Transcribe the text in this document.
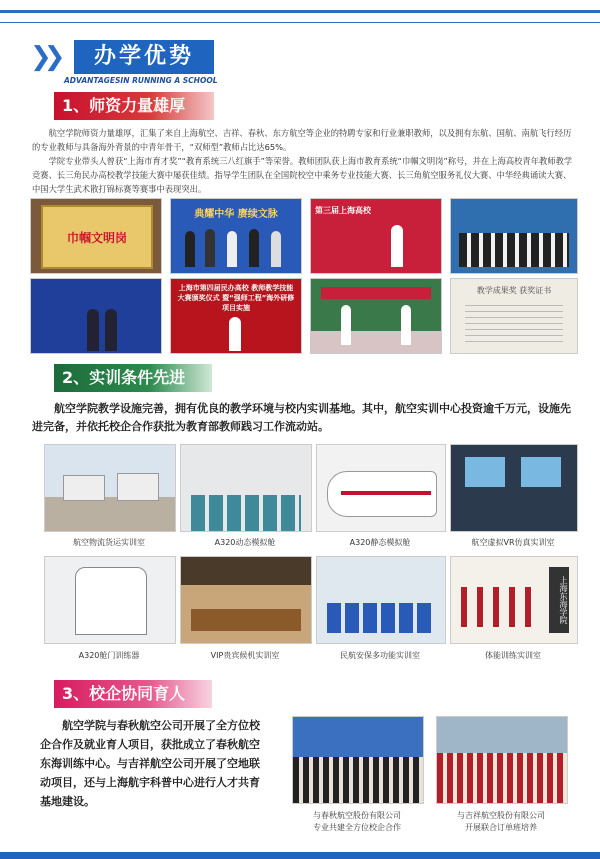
❯❯	办学优势
ADVANTAGESIN RUNNING A SCHOOL
1、师资力量雄厚

航空学院师资力量雄厚，汇集了来自上海航空、吉祥、春秋、东方航空等企业的特聘专家和行业兼职教师，以及拥有东航、国航、南航飞行经历的专业教师与具备海外背景的中青年骨干，“双师型”教师占比达65%。

学院专业带头人曾获“上海市育才奖”“教育系统三八红旗手”等荣誉。教师团队获上海市教育系统“巾帼文明岗”称号，并在上海高校青年教师教学竞赛、长三角民办高校教学技能大赛中屡获佳绩。指导学生团队在全国院校空中乘务专业技能大赛、长三角航空服务礼仪大赛、中华经典诵读大赛、中国大学生武术散打锦标赛等赛事中表现突出。

巾帼文明岗
典耀中华 赓续文脉	第三届上海高校
上海市第四届民办高校 教师教学技能大赛颁奖仪式 暨“强师工程”海外研修项目实施
教学成果奖 获奖证书
2、实训条件先进

航空学院教学设施完善，拥有优良的教学环境与校内实训基地。其中，航空实训中心投资逾千万元，设施先进完备，并依托校企合作获批为教育部教师践习工作流动站。

航空物流货运实训室	A320动态模拟舱	A320静态模拟舱	航空虚拟VR仿真实训室
上海东海学院
A320舱门训练器	VIP贵宾候机实训室	民航安保多功能实训室	体能训练实训室
3、校企协同育人

航空学院与春秋航空公司开展了全方位校企合作及就业育人项目，获批成立了春秋航空东海训练中心。与吉祥航空公司开展了空地联动项目，还与上海航宇科普中心进行人才共育基地建设。

与春秋航空股份有限公司
专业共建全方位校企合作
与吉祥航空股份有限公司
开展联合订单班培养
